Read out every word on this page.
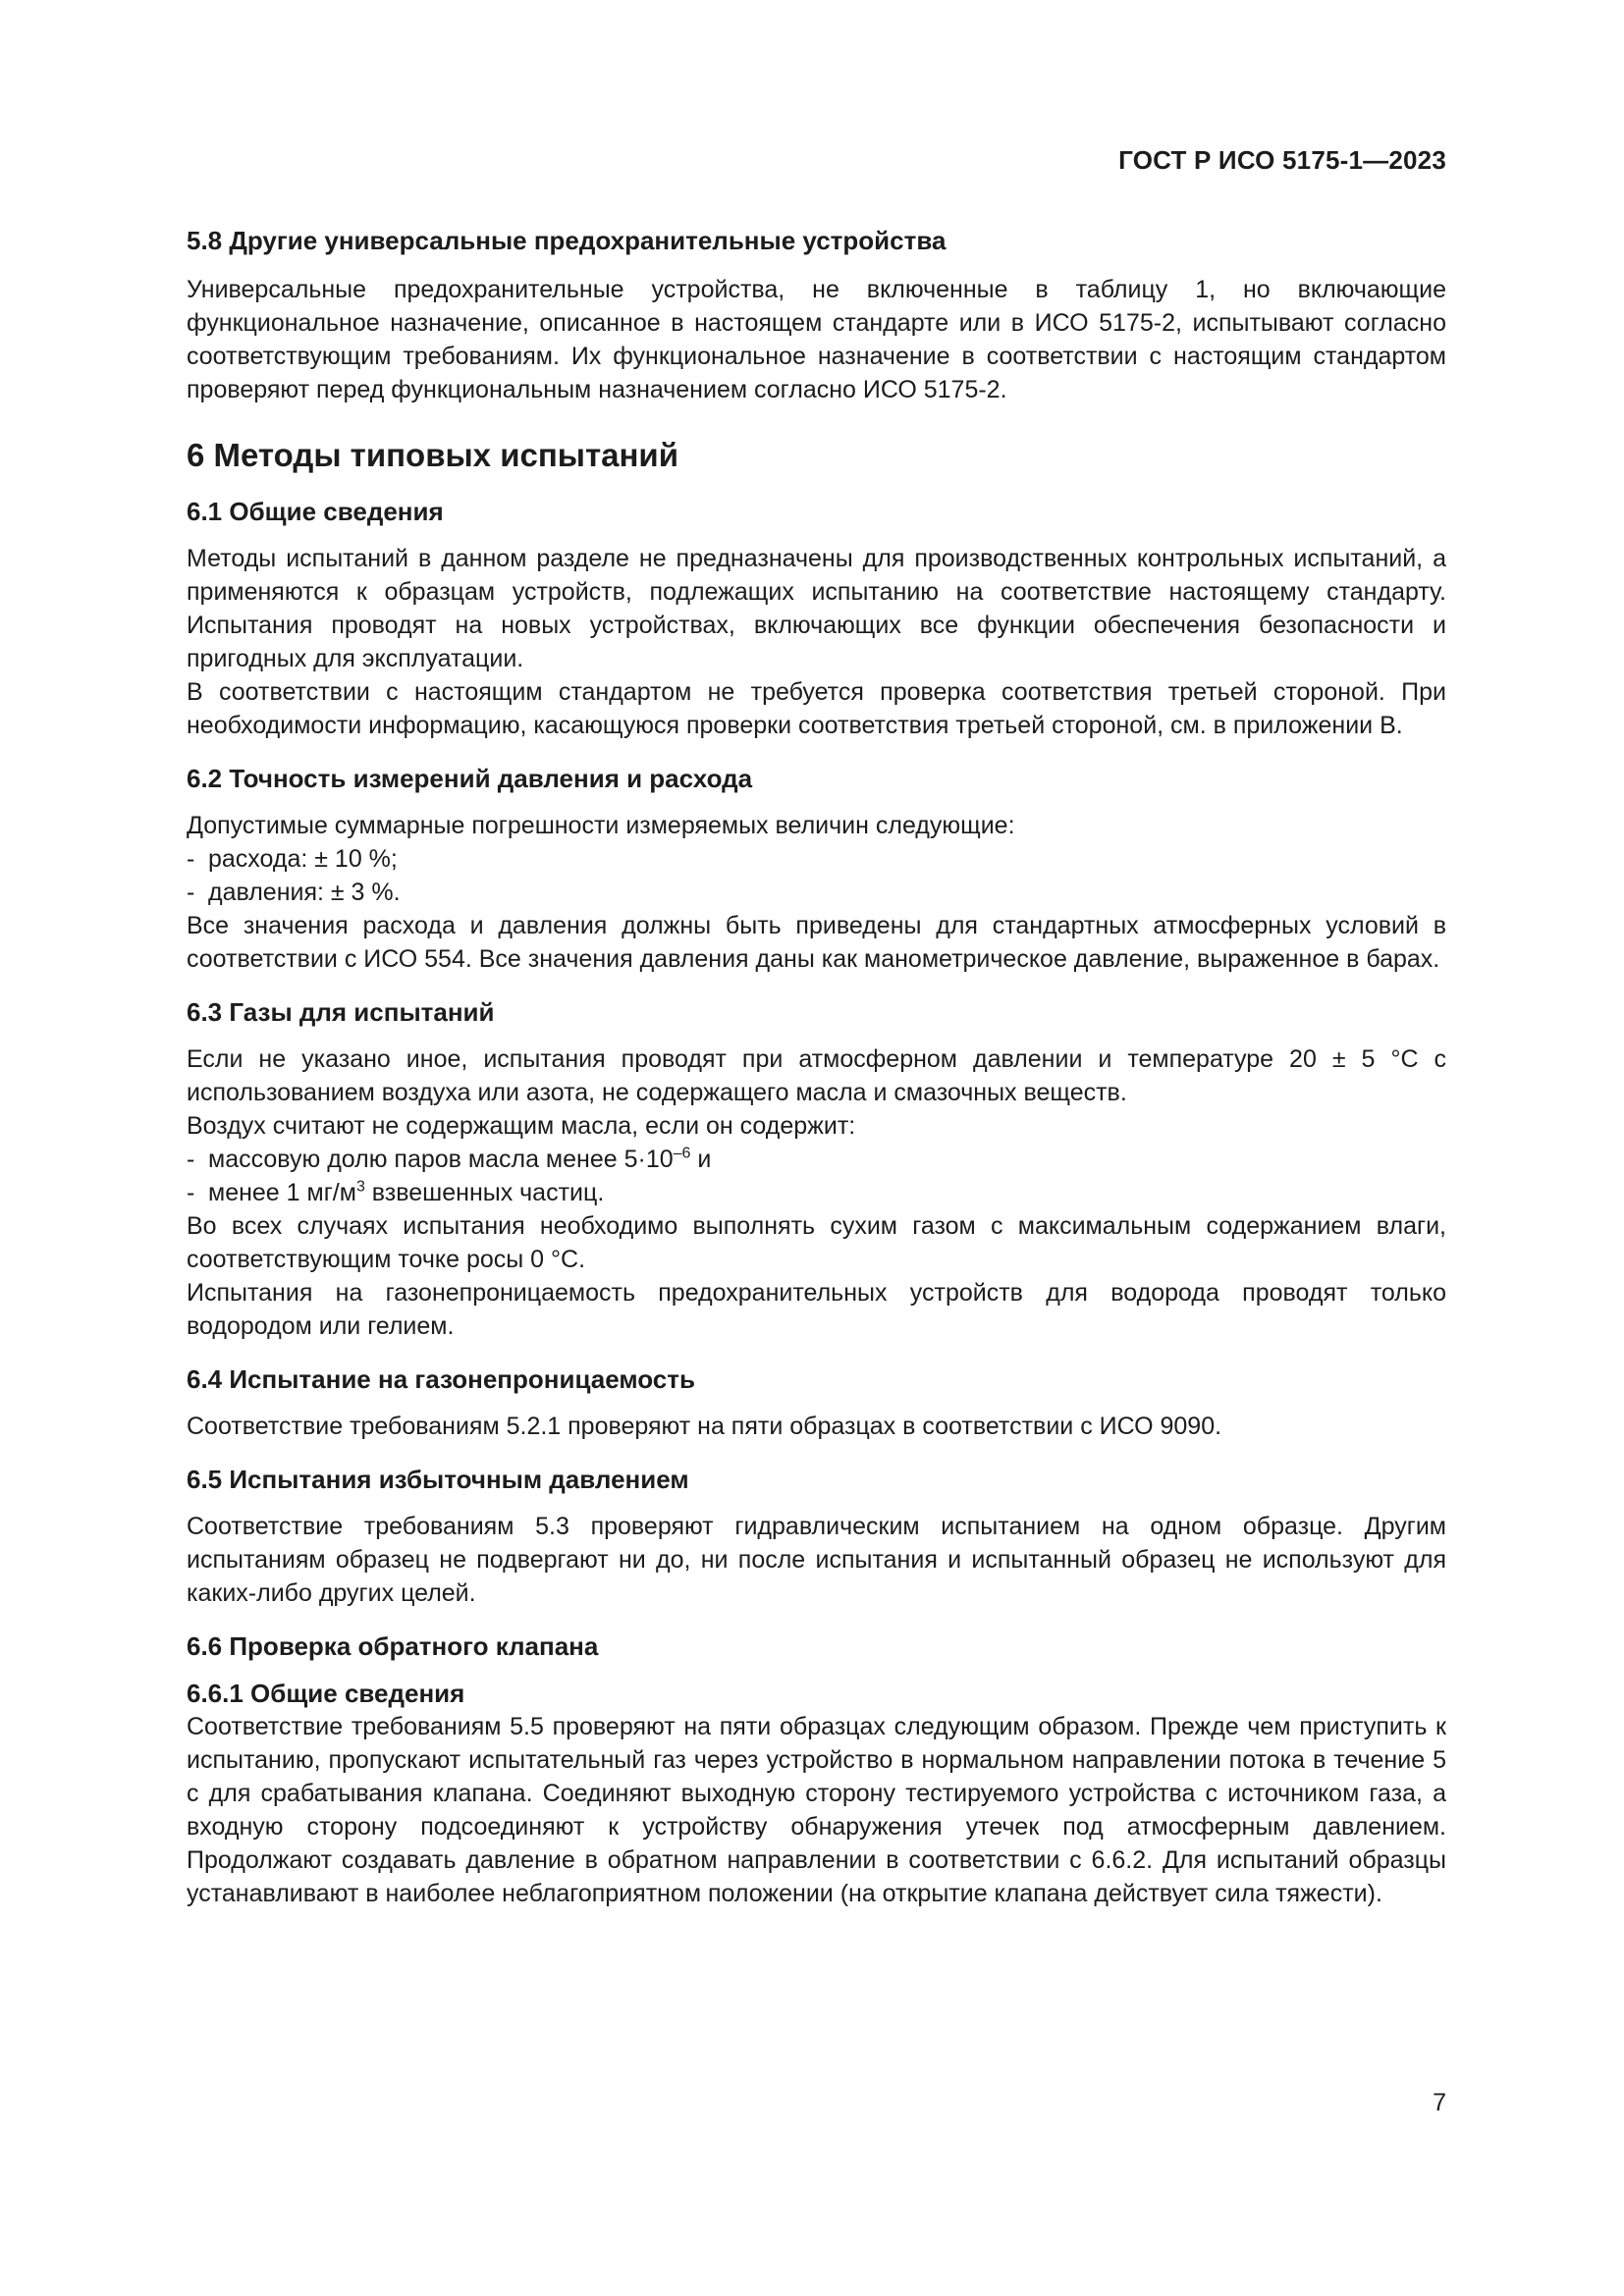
ГОСТ Р ИСО 5175-1—2023
5.8 Другие универсальные предохранительные устройства

Универсальные предохранительные устройства, не включенные в таблицу 1, но включающие функциональное назначение, описанное в настоящем стандарте или в ИСО 5175-2, испытывают согласно соответствующим требованиям. Их функциональное назначение в соответствии с настоящим стандартом проверяют перед функциональным назначением согласно ИСО 5175-2.

6 Методы типовых испытаний
6.1 Общие сведения

Методы испытаний в данном разделе не предназначены для производственных контрольных испытаний, а применяются к образцам устройств, подлежащих испытанию на соответствие настоящему стандарту. Испытания проводят на новых устройствах, включающих все функции обеспечения безопасности и пригодных для эксплуатации.

В соответствии с настоящим стандартом не требуется проверка соответствия третьей стороной. При необходимости информацию, касающуюся проверки соответствия третьей стороной, см. в приложении В.

6.2 Точность измерений давления и расхода

Допустимые суммарные погрешности измеряемых величин следующие:

- расхода: ± 10 %;

- давления: ± 3 %.

Все значения расхода и давления должны быть приведены для стандартных атмосферных условий в соответствии с ИСО 554. Все значения давления даны как манометрическое давление, выраженное в барах.

6.3 Газы для испытаний

Если не указано иное, испытания проводят при атмосферном давлении и температуре 20 ± 5 °С с использованием воздуха или азота, не содержащего масла и смазочных веществ.

Воздух считают не содержащим масла, если он содержит:

- массовую долю паров масла менее $5\cdot 10^{-6}$ и

- менее 1 $мг/м^3$ взвешенных частиц.

Во всех случаях испытания необходимо выполнять сухим газом с максимальным содержанием влаги, соответствующим точке росы 0 °С.

Испытания на газонепроницаемость предохранительных устройств для водорода проводят только водородом или гелием.

6.4 Испытание на газонепроницаемость

Соответствие требованиям 5.2.1 проверяют на пяти образцах в соответствии с ИСО 9090.

6.5 Испытания избыточным давлением

Соответствие требованиям 5.3 проверяют гидравлическим испытанием на одном образце. Другим испытаниям образец не подвергают ни до, ни после испытания и испытанный образец не используют для каких-либо других целей.

6.6 Проверка обратного клапана
6.6.1 Общие сведения

Соответствие требованиям 5.5 проверяют на пяти образцах следующим образом. Прежде чем приступить к испытанию, пропускают испытательный газ через устройство в нормальном направлении потока в течение 5 с для срабатывания клапана. Соединяют выходную сторону тестируемого устройства с источником газа, а входную сторону подсоединяют к устройству обнаружения утечек под атмосферным давлением. Продолжают создавать давление в обратном направлении в соответствии с 6.6.2. Для испытаний образцы устанавливают в наиболее неблагоприятном положении (на открытие клапана действует сила тяжести).

7
